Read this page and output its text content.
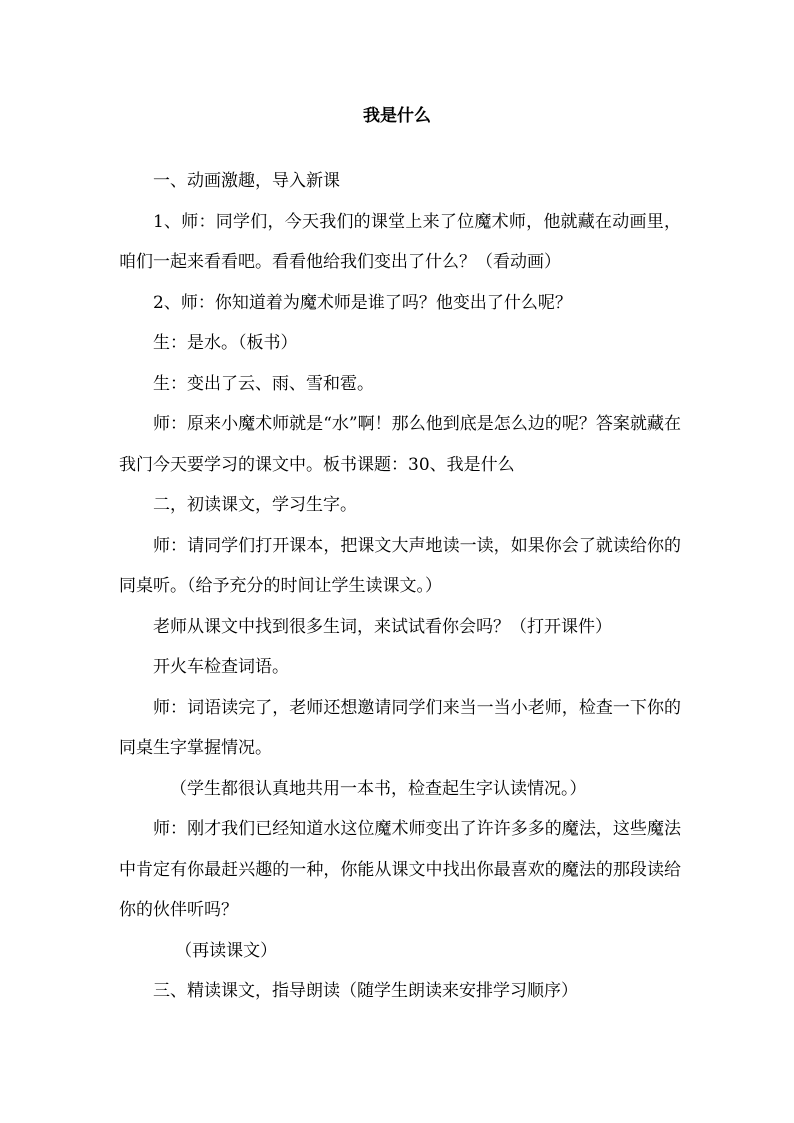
我是什么

一、动画激趣，导入新课

1、师：同学们，今天我们的课堂上来了位魔术师，他就藏在动画里，咱们一起来看看吧。看看他给我们变出了什么？（看动画）

2、师：你知道着为魔术师是谁了吗？他变出了什么呢？

生：是水。（板书）

生：变出了云、雨、雪和雹。

师：原来小魔术师就是“水”啊！那么他到底是怎么边的呢？答案就藏在我门今天要学习的课文中。板书课题：30、我是什么

二，初读课文，学习生字。

师：请同学们打开课本，把课文大声地读一读，如果你会了就读给你的同桌听。（给予充分的时间让学生读课文。）

老师从课文中找到很多生词，来试试看你会吗？（打开课件）

开火车检查词语。

师：词语读完了，老师还想邀请同学们来当一当小老师，检查一下你的同桌生字掌握情况。

（学生都很认真地共用一本书，检查起生字认读情况。）

师：刚才我们已经知道水这位魔术师变出了许许多多的魔法，这些魔法中肯定有你最赶兴趣的一种，你能从课文中找出你最喜欢的魔法的那段读给你的伙伴听吗？

（再读课文）

三、精读课文，指导朗读（随学生朗读来安排学习顺序）
